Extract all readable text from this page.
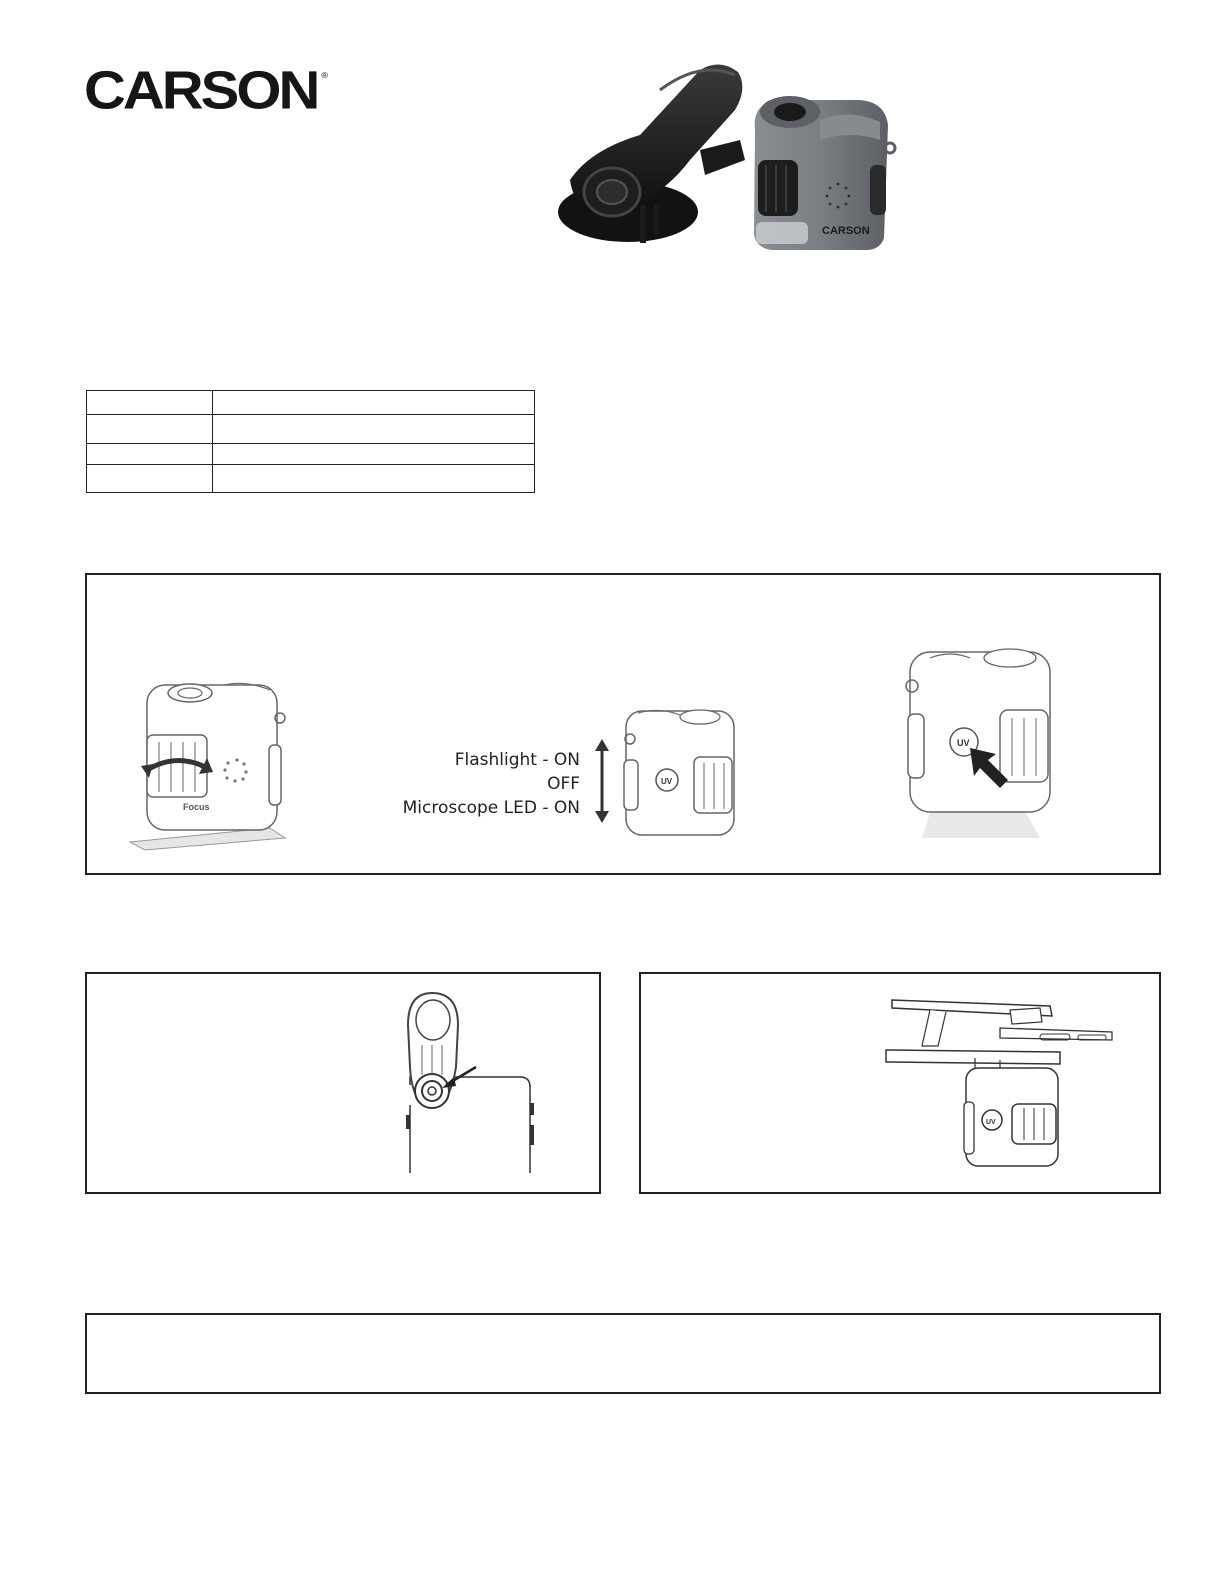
CARSON ®
CARSON

Focus
Flashlight - ON
OFF
Microscope LED - ON
UV
UV
UV
